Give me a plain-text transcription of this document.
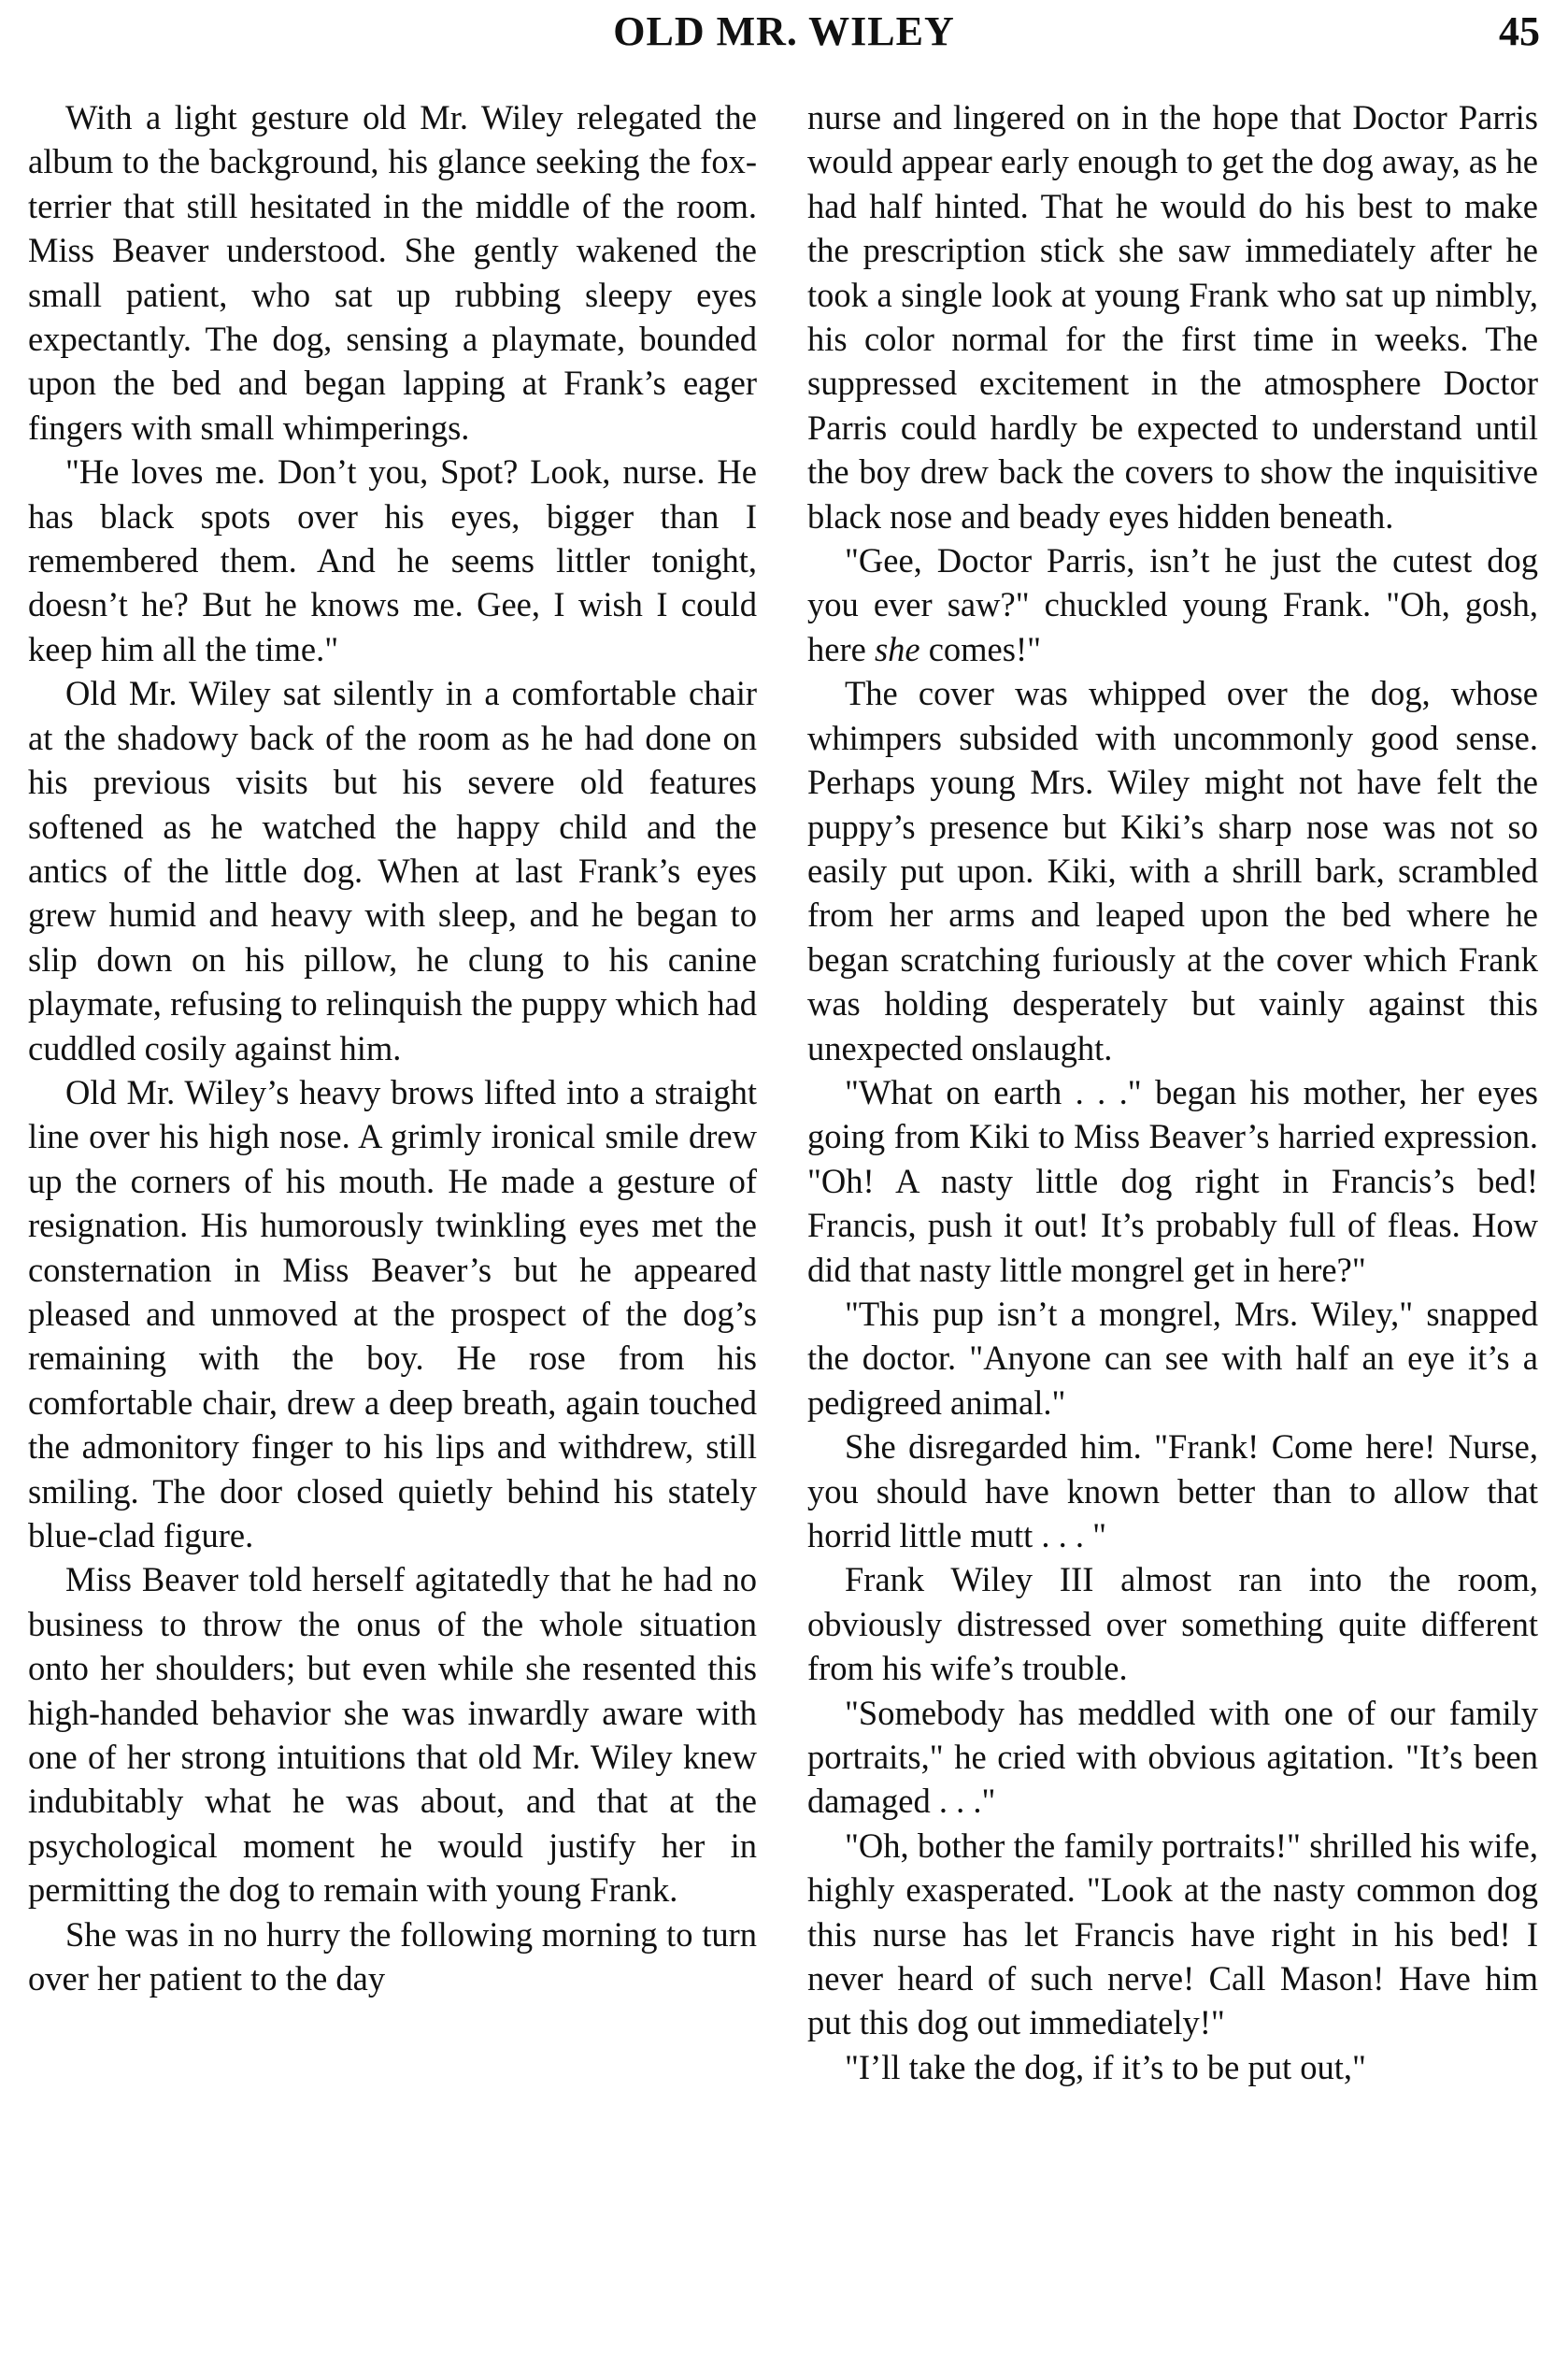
OLD MR. WILEY	45

With a light gesture old Mr. Wiley relegated the album to the background, his glance seeking the fox-terrier that still hesitated in the middle of the room. Miss Beaver understood. She gently wakened the small patient, who sat up rubbing sleepy eyes expectantly. The dog, sensing a playmate, bounded upon the bed and began lapping at Frank’s eager fingers with small whimperings.

"He loves me. Don’t you, Spot? Look, nurse. He has black spots over his eyes, bigger than I remembered them. And he seems littler tonight, doesn’t he? But he knows me. Gee, I wish I could keep him all the time."

Old Mr. Wiley sat silently in a comfortable chair at the shadowy back of the room as he had done on his previous visits but his severe old features softened as he watched the happy child and the antics of the little dog. When at last Frank’s eyes grew humid and heavy with sleep, and he began to slip down on his pillow, he clung to his canine playmate, refusing to relinquish the puppy which had cuddled cosily against him.

Old Mr. Wiley’s heavy brows lifted into a straight line over his high nose. A grimly ironical smile drew up the corners of his mouth. He made a gesture of resignation. His humorously twinkling eyes met the consternation in Miss Beaver’s but he appeared pleased and unmoved at the prospect of the dog’s remaining with the boy. He rose from his comfortable chair, drew a deep breath, again touched the admonitory finger to his lips and withdrew, still smiling. The door closed quietly behind his stately blue-clad figure.

Miss Beaver told herself agitatedly that he had no business to throw the onus of the whole situation onto her shoulders; but even while she resented this high-handed behavior she was inwardly aware with one of her strong intuitions that old Mr. Wiley knew indubitably what he was about, and that at the psychological moment he would justify her in permitting the dog to remain with young Frank.

She was in no hurry the following morning to turn over her patient to the day

nurse and lingered on in the hope that Doctor Parris would appear early enough to get the dog away, as he had half hinted. That he would do his best to make the prescription stick she saw immediately after he took a single look at young Frank who sat up nimbly, his color normal for the first time in weeks. The suppressed excitement in the atmosphere Doctor Parris could hardly be expected to understand until the boy drew back the covers to show the inquisitive black nose and beady eyes hidden beneath.

"Gee, Doctor Parris, isn’t he just the cutest dog you ever saw?" chuckled young Frank. "Oh, gosh, here she comes!"

The cover was whipped over the dog, whose whimpers subsided with uncommonly good sense. Perhaps young Mrs. Wiley might not have felt the puppy’s presence but Kiki’s sharp nose was not so easily put upon. Kiki, with a shrill bark, scrambled from her arms and leaped upon the bed where he began scratching furiously at the cover which Frank was holding desperately but vainly against this unexpected onslaught.

"What on earth . . ." began his mother, her eyes going from Kiki to Miss Beaver’s harried expression. "Oh! A nasty little dog right in Francis’s bed! Francis, push it out! It’s probably full of fleas. How did that nasty little mongrel get in here?"

"This pup isn’t a mongrel, Mrs. Wiley," snapped the doctor. "Anyone can see with half an eye it’s a pedigreed animal."

She disregarded him. "Frank! Come here! Nurse, you should have known better than to allow that horrid little mutt . . . "

Frank Wiley III almost ran into the room, obviously distressed over something quite different from his wife’s trouble.

"Somebody has meddled with one of our family portraits," he cried with obvious agitation. "It’s been damaged . . ."

"Oh, bother the family portraits!" shrilled his wife, highly exasperated. "Look at the nasty common dog this nurse has let Francis have right in his bed! I never heard of such nerve! Call Mason! Have him put this dog out immediately!"

"I’ll take the dog, if it’s to be put out,"
